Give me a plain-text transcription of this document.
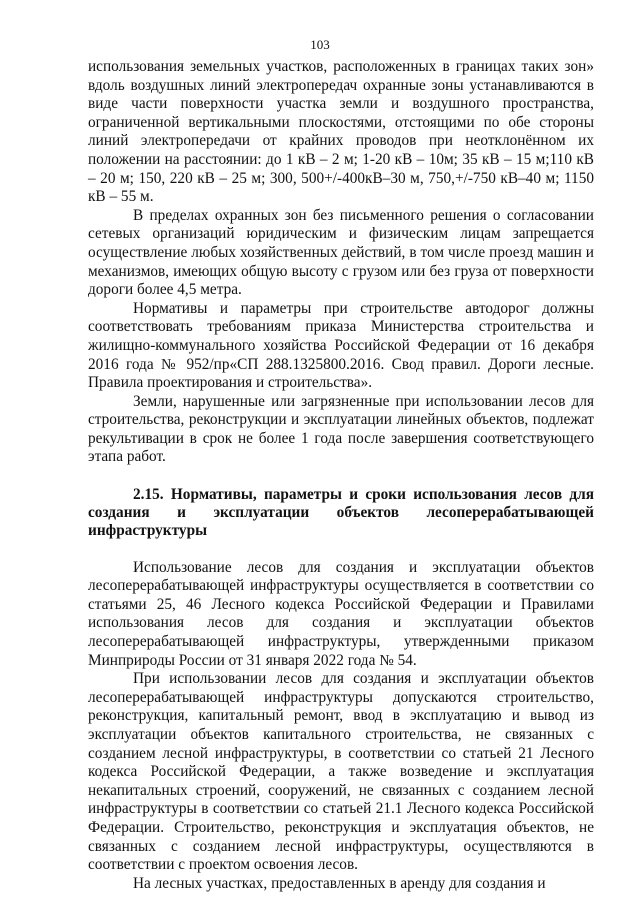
103

использования земельных участков, расположенных в границах таких зон» вдоль воздушных линий электропередач охранные зоны устанавливаются в виде части поверхности участка земли и воздушного пространства, ограниченной вертикальными плоскостями, отстоящими по обе стороны линий электропередачи от крайних проводов при неотклонённом их положении на расстоянии: до 1 кВ – 2 м; 1-20 кВ – 10м; 35 кВ – 15 м;110 кВ – 20 м; 150, 220 кВ – 25 м; 300, 500+/-400кВ–30 м, 750,+/-750 кВ–40 м; 1150 кВ – 55 м.

В пределах охранных зон без письменного решения о согласовании сетевых организаций юридическим и физическим лицам запрещается осуществление любых хозяйственных действий, в том числе проезд машин и механизмов, имеющих общую высоту с грузом или без груза от поверхности дороги более 4,5 метра.

Нормативы и параметры при строительстве автодорог должны соответствовать требованиям приказа Министерства строительства и жилищно-коммунального хозяйства Российской Федерации от 16 декабря 2016 года № 952/пр«СП 288.1325800.2016. Свод правил. Дороги лесные. Правила проектирования и строительства».

Земли, нарушенные или загрязненные при использовании лесов для строительства, реконструкции и эксплуатации линейных объектов, подлежат рекультивации в срок не более 1 года после завершения соответствующего этапа работ.

2.15. Нормативы, параметры и сроки использования лесов для создания и эксплуатации объектов лесоперерабатывающей инфраструктуры

Использование лесов для создания и эксплуатации объектов лесоперерабатывающей инфраструктуры осуществляется в соответствии со статьями 25, 46 Лесного кодекса Российской Федерации и Правилами использования лесов для создания и эксплуатации объектов лесоперерабатывающей инфраструктуры, утвержденными приказом Минприроды России от 31 января 2022 года № 54.

При использовании лесов для создания и эксплуатации объектов лесоперерабатывающей инфраструктуры допускаются строительство, реконструкция, капитальный ремонт, ввод в эксплуатацию и вывод из эксплуатации объектов капитального строительства, не связанных с созданием лесной инфраструктуры, в соответствии со статьей 21 Лесного кодекса Российской Федерации, а также возведение и эксплуатация некапитальных строений, сооружений, не связанных с созданием лесной инфраструктуры в соответствии со статьей 21.1 Лесного кодекса Российской Федерации. Строительство, реконструкция и эксплуатация объектов, не связанных с созданием лесной инфраструктуры, осуществляются в соответствии с проектом освоения лесов.

На лесных участках, предоставленных в аренду для создания и
